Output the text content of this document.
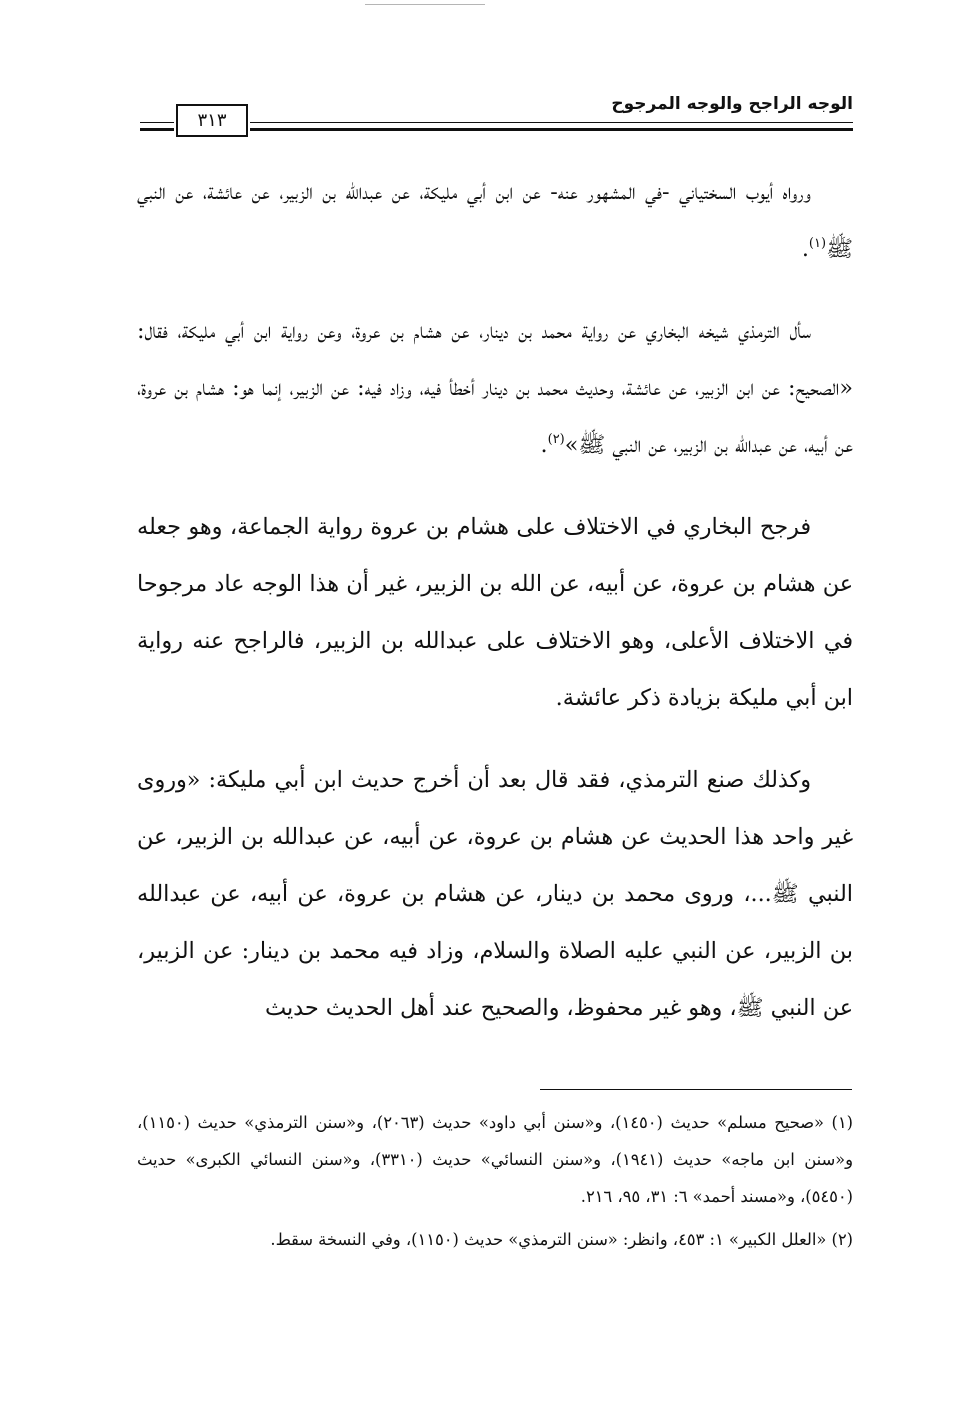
٣١٣
الوجه الراجح والوجه المرجوح

ورواه أيوب السختياني -في المشهور عنه- عن ابن أبي مليكة، عن عبدالله بن الزبير، عن عائشة، عن النبي ﷺ$^{(١)}$.

سأل الترمذي شيخه البخاري عن رواية محمد بن دينار، عن هشام بن عروة، وعن رواية ابن أبي مليكة، فقال: «الصحيح: عن ابن الزبير، عن عائشة، وحديث محمد بن دينار أخطأ فيه، وزاد فيه: عن الزبير، إنما هو: هشام بن عروة، عن أبيه، عن عبدالله بن الزبير، عن النبي ﷺ»$^{(٢)}$.

فرجح البخاري في الاختلاف على هشام بن عروة رواية الجماعة، وهو جعله عن هشام بن عروة، عن أبيه، عن الله بن الزبير، غير أن هذا الوجه عاد مرجوحا في الاختلاف الأعلى، وهو الاختلاف على عبدالله بن الزبير، فالراجح عنه رواية ابن أبي مليكة بزيادة ذكر عائشة.

وكذلك صنع الترمذي، فقد قال بعد أن أخرج حديث ابن أبي مليكة: «وروى غير واحد هذا الحديث عن هشام بن عروة، عن أبيه، عن عبدالله بن الزبير، عن النبي ﷺ...، وروى محمد بن دينار، عن هشام بن عروة، عن أبيه، عن عبدالله بن الزبير، عن النبي عليه الصلاة والسلام، وزاد فيه محمد بن دينار: عن الزبير، عن النبي ﷺ، وهو غير محفوظ، والصحيح عند أهل الحديث حديث

(١) «صحيح مسلم» حديث (١٤٥٠)، و«سنن أبي داود» حديث (٢٠٦٣)، و«سنن الترمذي» حديث (١١٥٠)، و«سنن ابن ماجه» حديث (١٩٤١)، و«سنن النسائي» حديث (٣٣١٠)، و«سنن النسائي الكبرى» حديث (٥٤٥٠)، و«مسند أحمد» ٦: ٣١، ٩٥، ٢١٦.

(٢) «العلل الكبير» ١: ٤٥٣، وانظر: «سنن الترمذي» حديث (١١٥٠)، وفي النسخة سقط.
